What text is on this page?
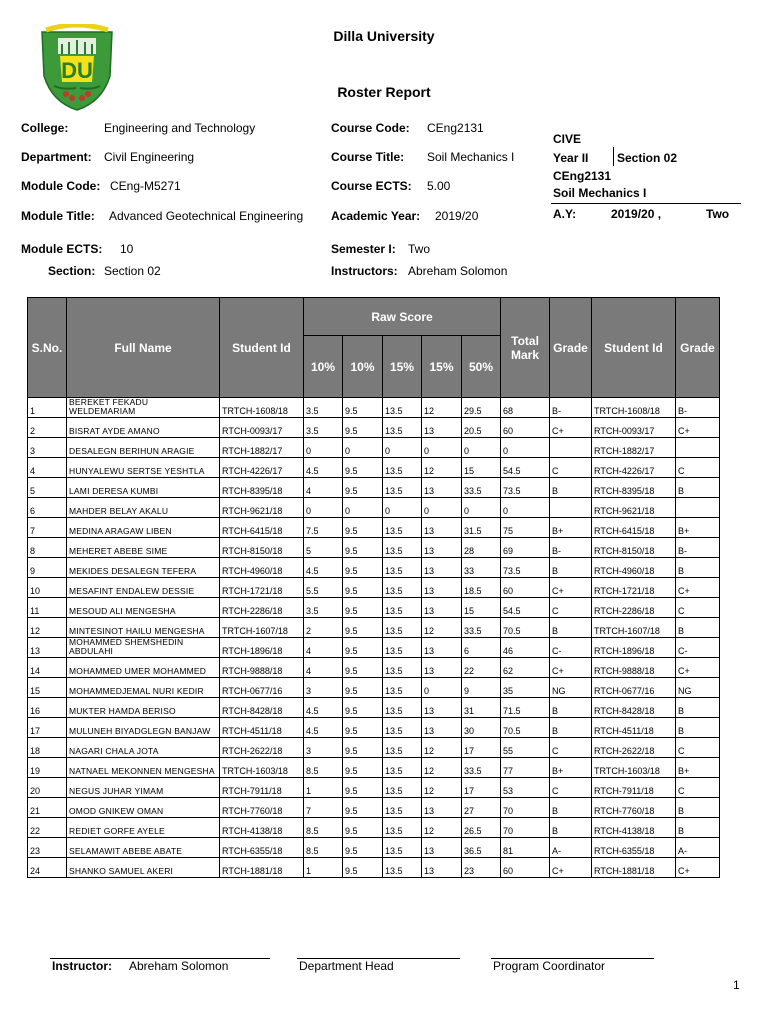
DU
Dilla University
Roster Report
College:	Engineering and Technology
Department: Civil Engineering
Module Code: CEng-M5271
Module Title: Advanced Geotechnical Engineering
Module ECTS: 10
Section: Section 02
Course Code: CEng2131
Course Title: Soil Mechanics I
Course ECTS: 5.00
Academic Year: 2019/20
Semester I: Two
Instructors: Abreham Solomon
CIVE
Year II Section 02
CEng2131
Soil Mechanics I
A.Y:	2019/20 ,	Two
S.No.	Full Name	Student Id	Raw Score					Total Mark	Grade	Student Id	Grade
			10%	10%	15%	15%	50%				
1	BEREKET FEKADU WELDEMARIAM	TRTCH-1608/18	3.5	9.5	13.5	12	29.5	68	B-	TRTCH-1608/18	B-
2	BISRAT AYDE AMANO	RTCH-0093/17	3.5	9.5	13.5	13	20.5	60	C+	RTCH-0093/17	C+
3	DESALEGN BERIHUN ARAGIE	RTCH-1882/17	0	0	0	0	0	0		RTCH-1882/17	
4	HUNYALEWU SERTSE YESHTLA	RTCH-4226/17	4.5	9.5	13.5	12	15	54.5	C	RTCH-4226/17	C
5	LAMI DERESA KUMBI	RTCH-8395/18	4	9.5	13.5	13	33.5	73.5	B	RTCH-8395/18	B
6	MAHDER BELAY AKALU	RTCH-9621/18	0	0	0	0	0	0		RTCH-9621/18	
7	MEDINA ARAGAW LIBEN	RTCH-6415/18	7.5	9.5	13.5	13	31.5	75	B+	RTCH-6415/18	B+
8	MEHERET ABEBE SIME	RTCH-8150/18	5	9.5	13.5	13	28	69	B-	RTCH-8150/18	B-
9	MEKIDES DESALEGN TEFERA	RTCH-4960/18	4.5	9.5	13.5	13	33	73.5	B	RTCH-4960/18	B
10	MESAFINT ENDALEW DESSIE	RTCH-1721/18	5.5	9.5	13.5	13	18.5	60	C+	RTCH-1721/18	C+
11	MESOUD ALI MENGESHA	RTCH-2286/18	3.5	9.5	13.5	13	15	54.5	C	RTCH-2286/18	C
12	MINTESINOT HAILU MENGESHA	TRTCH-1607/18	2	9.5	13.5	12	33.5	70.5	B	TRTCH-1607/18	B
13	MOHAMMED SHEMSHEDIN ABDULAHI	RTCH-1896/18	4	9.5	13.5	13	6	46	C-	RTCH-1896/18	C-
14	MOHAMMED UMER MOHAMMED	RTCH-9888/18	4	9.5	13.5	13	22	62	C+	RTCH-9888/18	C+
15	MOHAMMEDJEMAL NURI KEDIR	RTCH-0677/16	3	9.5	13.5	0	9	35	NG	RTCH-0677/16	NG
16	MUKTER HAMDA BERISO	RTCH-8428/18	4.5	9.5	13.5	13	31	71.5	B	RTCH-8428/18	B
17	MULUNEH BIYADGLEGN BANJAW	RTCH-4511/18	4.5	9.5	13.5	13	30	70.5	B	RTCH-4511/18	B
18	NAGARI CHALA JOTA	RTCH-2622/18	3	9.5	13.5	12	17	55	C	RTCH-2622/18	C
19	NATNAEL MEKONNEN MENGESHA	TRTCH-1603/18	8.5	9.5	13.5	12	33.5	77	B+	TRTCH-1603/18	B+
20	NEGUS JUHAR YIMAM	RTCH-7911/18	1	9.5	13.5	12	17	53	C	RTCH-7911/18	C
21	OMOD GNIKEW OMAN	RTCH-7760/18	7	9.5	13.5	13	27	70	B	RTCH-7760/18	B
22	REDIET GORFE AYELE	RTCH-4138/18	8.5	9.5	13.5	12	26.5	70	B	RTCH-4138/18	B
23	SELAMAWIT ABEBE ABATE	RTCH-6355/18	8.5	9.5	13.5	13	36.5	81	A-	RTCH-6355/18	A-
24	SHANKO SAMUEL AKERI	RTCH-1881/18	1	9.5	13.5	13	23	60	C+	RTCH-1881/18	C+
Instructor: Abreham Solomon	Department Head	Program Coordinator
1
